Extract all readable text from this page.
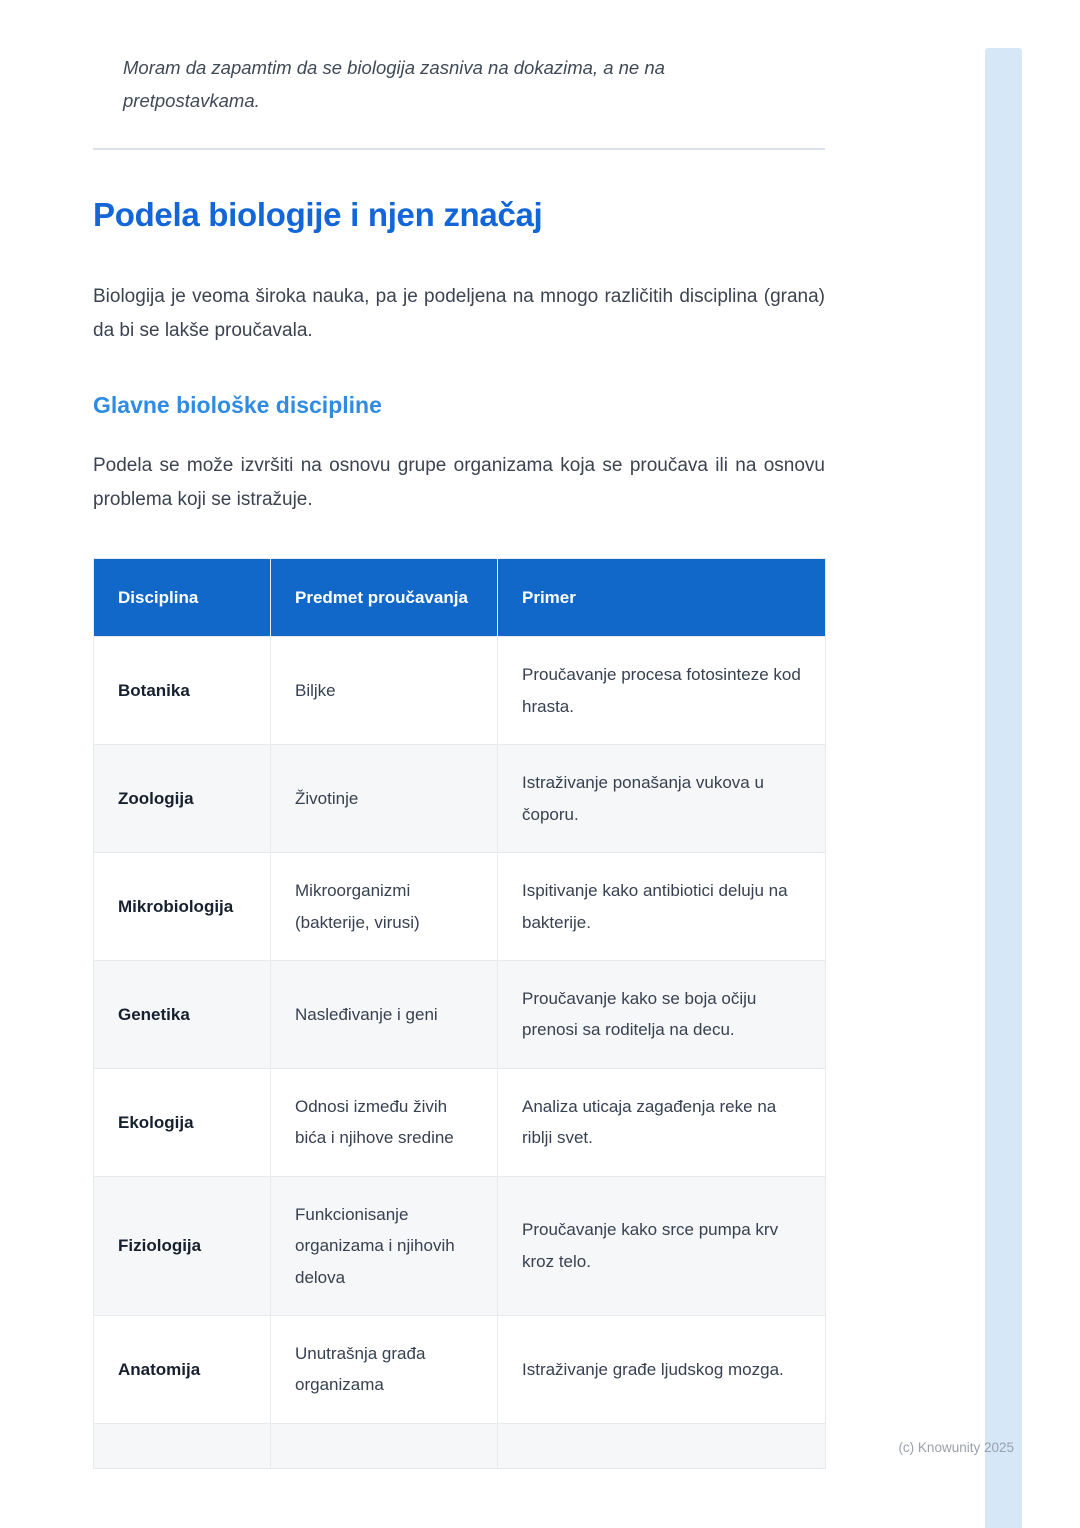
Moram da zapamtim da se biologija zasniva na dokazima, a ne na pretpostavkama.

Podela biologije i njen značaj

Biologija je veoma široka nauka, pa je podeljena na mnogo različitih disciplina (grana) da bi se lakše proučavala.

Glavne biološke discipline

Podela se može izvršiti na osnovu grupe organizama koja se proučava ili na osnovu problema koji se istražuje.

Disciplina	Predmet proučavanja	Primer
Botanika	Biljke	Proučavanje procesa fotosinteze kod hrasta.
Zoologija	Životinje	Istraživanje ponašanja vukova u čoporu.
Mikrobiologija	Mikroorganizmi (bakterije, virusi)	Ispitivanje kako antibiotici deluju na bakterije.
Genetika	Nasleđivanje i geni	Proučavanje kako se boja očiju prenosi sa roditelja na decu.
Ekologija	Odnosi između živih bića i njihove sredine	Analiza uticaja zagađenja reke na riblji svet.
Fiziologija	Funkcionisanje organizama i njihovih delova	Proučavanje kako srce pumpa krv kroz telo.
Anatomija	Unutrašnja građa organizama	Istraživanje građe ljudskog mozga.

(c) Knowunity 2025
